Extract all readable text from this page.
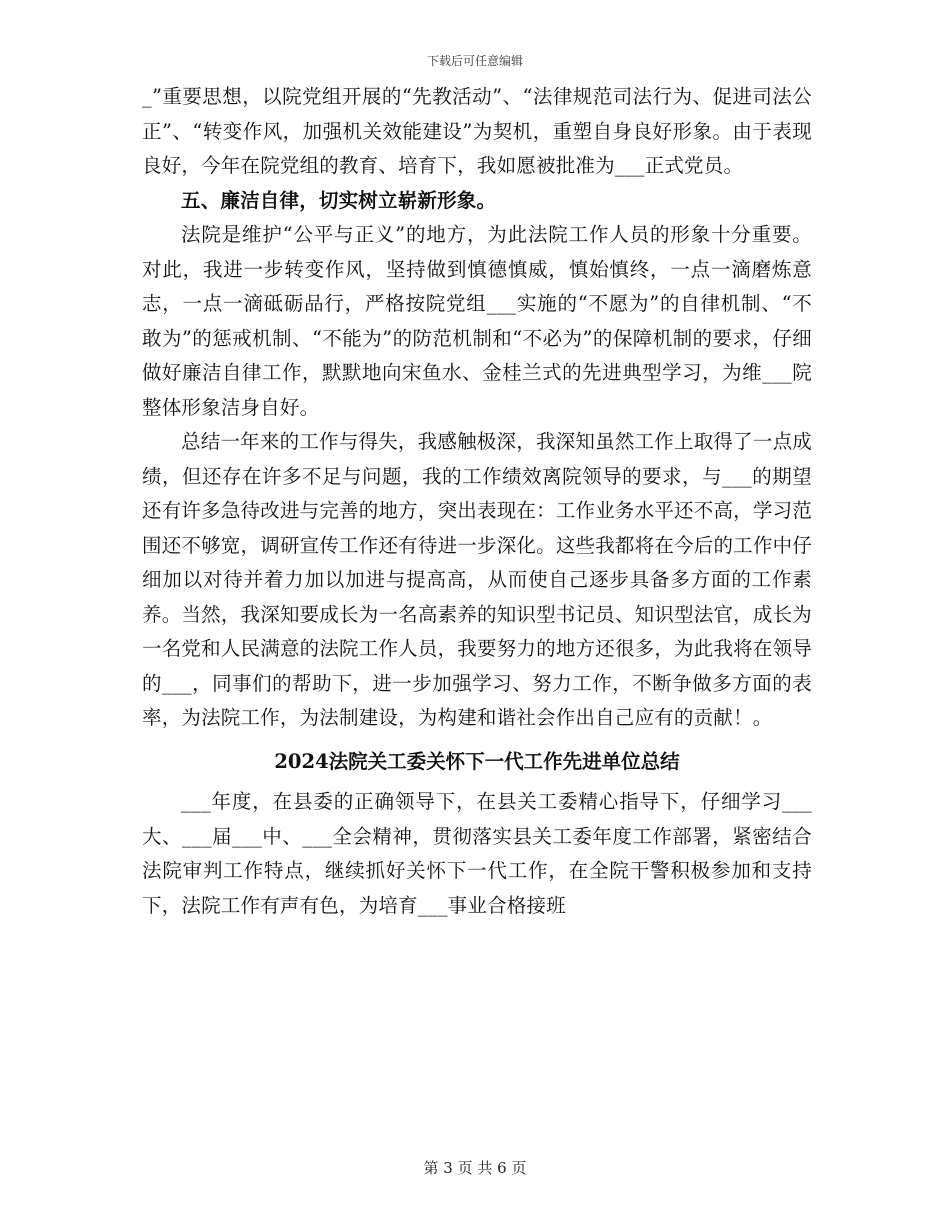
下载后可任意编辑

_”重要思想，以院党组开展的“先教活动”、“法律规范司法行为、促进司法公正”、“转变作风，加强机关效能建设”为契机，重塑自身良好形象。由于表现良好，今年在院党组的教育、培育下，我如愿被批准为___正式党员。

五、廉洁自律，切实树立崭新形象。

法院是维护“公平与正义”的地方，为此法院工作人员的形象十分重要。对此，我进一步转变作风，坚持做到慎德慎威，慎始慎终，一点一滴磨炼意志，一点一滴砥砺品行，严格按院党组___实施的“不愿为”的自律机制、“不敢为”的惩戒机制、“不能为”的防范机制和“不必为”的保障机制的要求，仔细做好廉洁自律工作，默默地向宋鱼水、金桂兰式的先进典型学习，为维___院整体形象洁身自好。

总结一年来的工作与得失，我感触极深，我深知虽然工作上取得了一点成绩，但还存在许多不足与问题，我的工作绩效离院领导的要求，与___的期望还有许多急待改进与完善的地方，突出表现在：工作业务水平还不高，学习范围还不够宽，调研宣传工作还有待进一步深化。这些我都将在今后的工作中仔细加以对待并着力加以加进与提高高，从而使自己逐步具备多方面的工作素养。当然，我深知要成长为一名高素养的知识型书记员、知识型法官，成长为一名党和人民满意的法院工作人员，我要努力的地方还很多，为此我将在领导的___，同事们的帮助下，进一步加强学习、努力工作，不断争做多方面的表率，为法院工作，为法制建设，为构建和谐社会作出自己应有的贡献！。

2024法院关工委关怀下一代工作先进单位总结

___年度，在县委的正确领导下，在县关工委精心指导下，仔细学习___大、___届___中、___全会精神，贯彻落实县关工委年度工作部署，紧密结合法院审判工作特点，继续抓好关怀下一代工作，在全院干警积极参加和支持下，法院工作有声有色，为培育___事业合格接班

第 3 页 共 6 页
